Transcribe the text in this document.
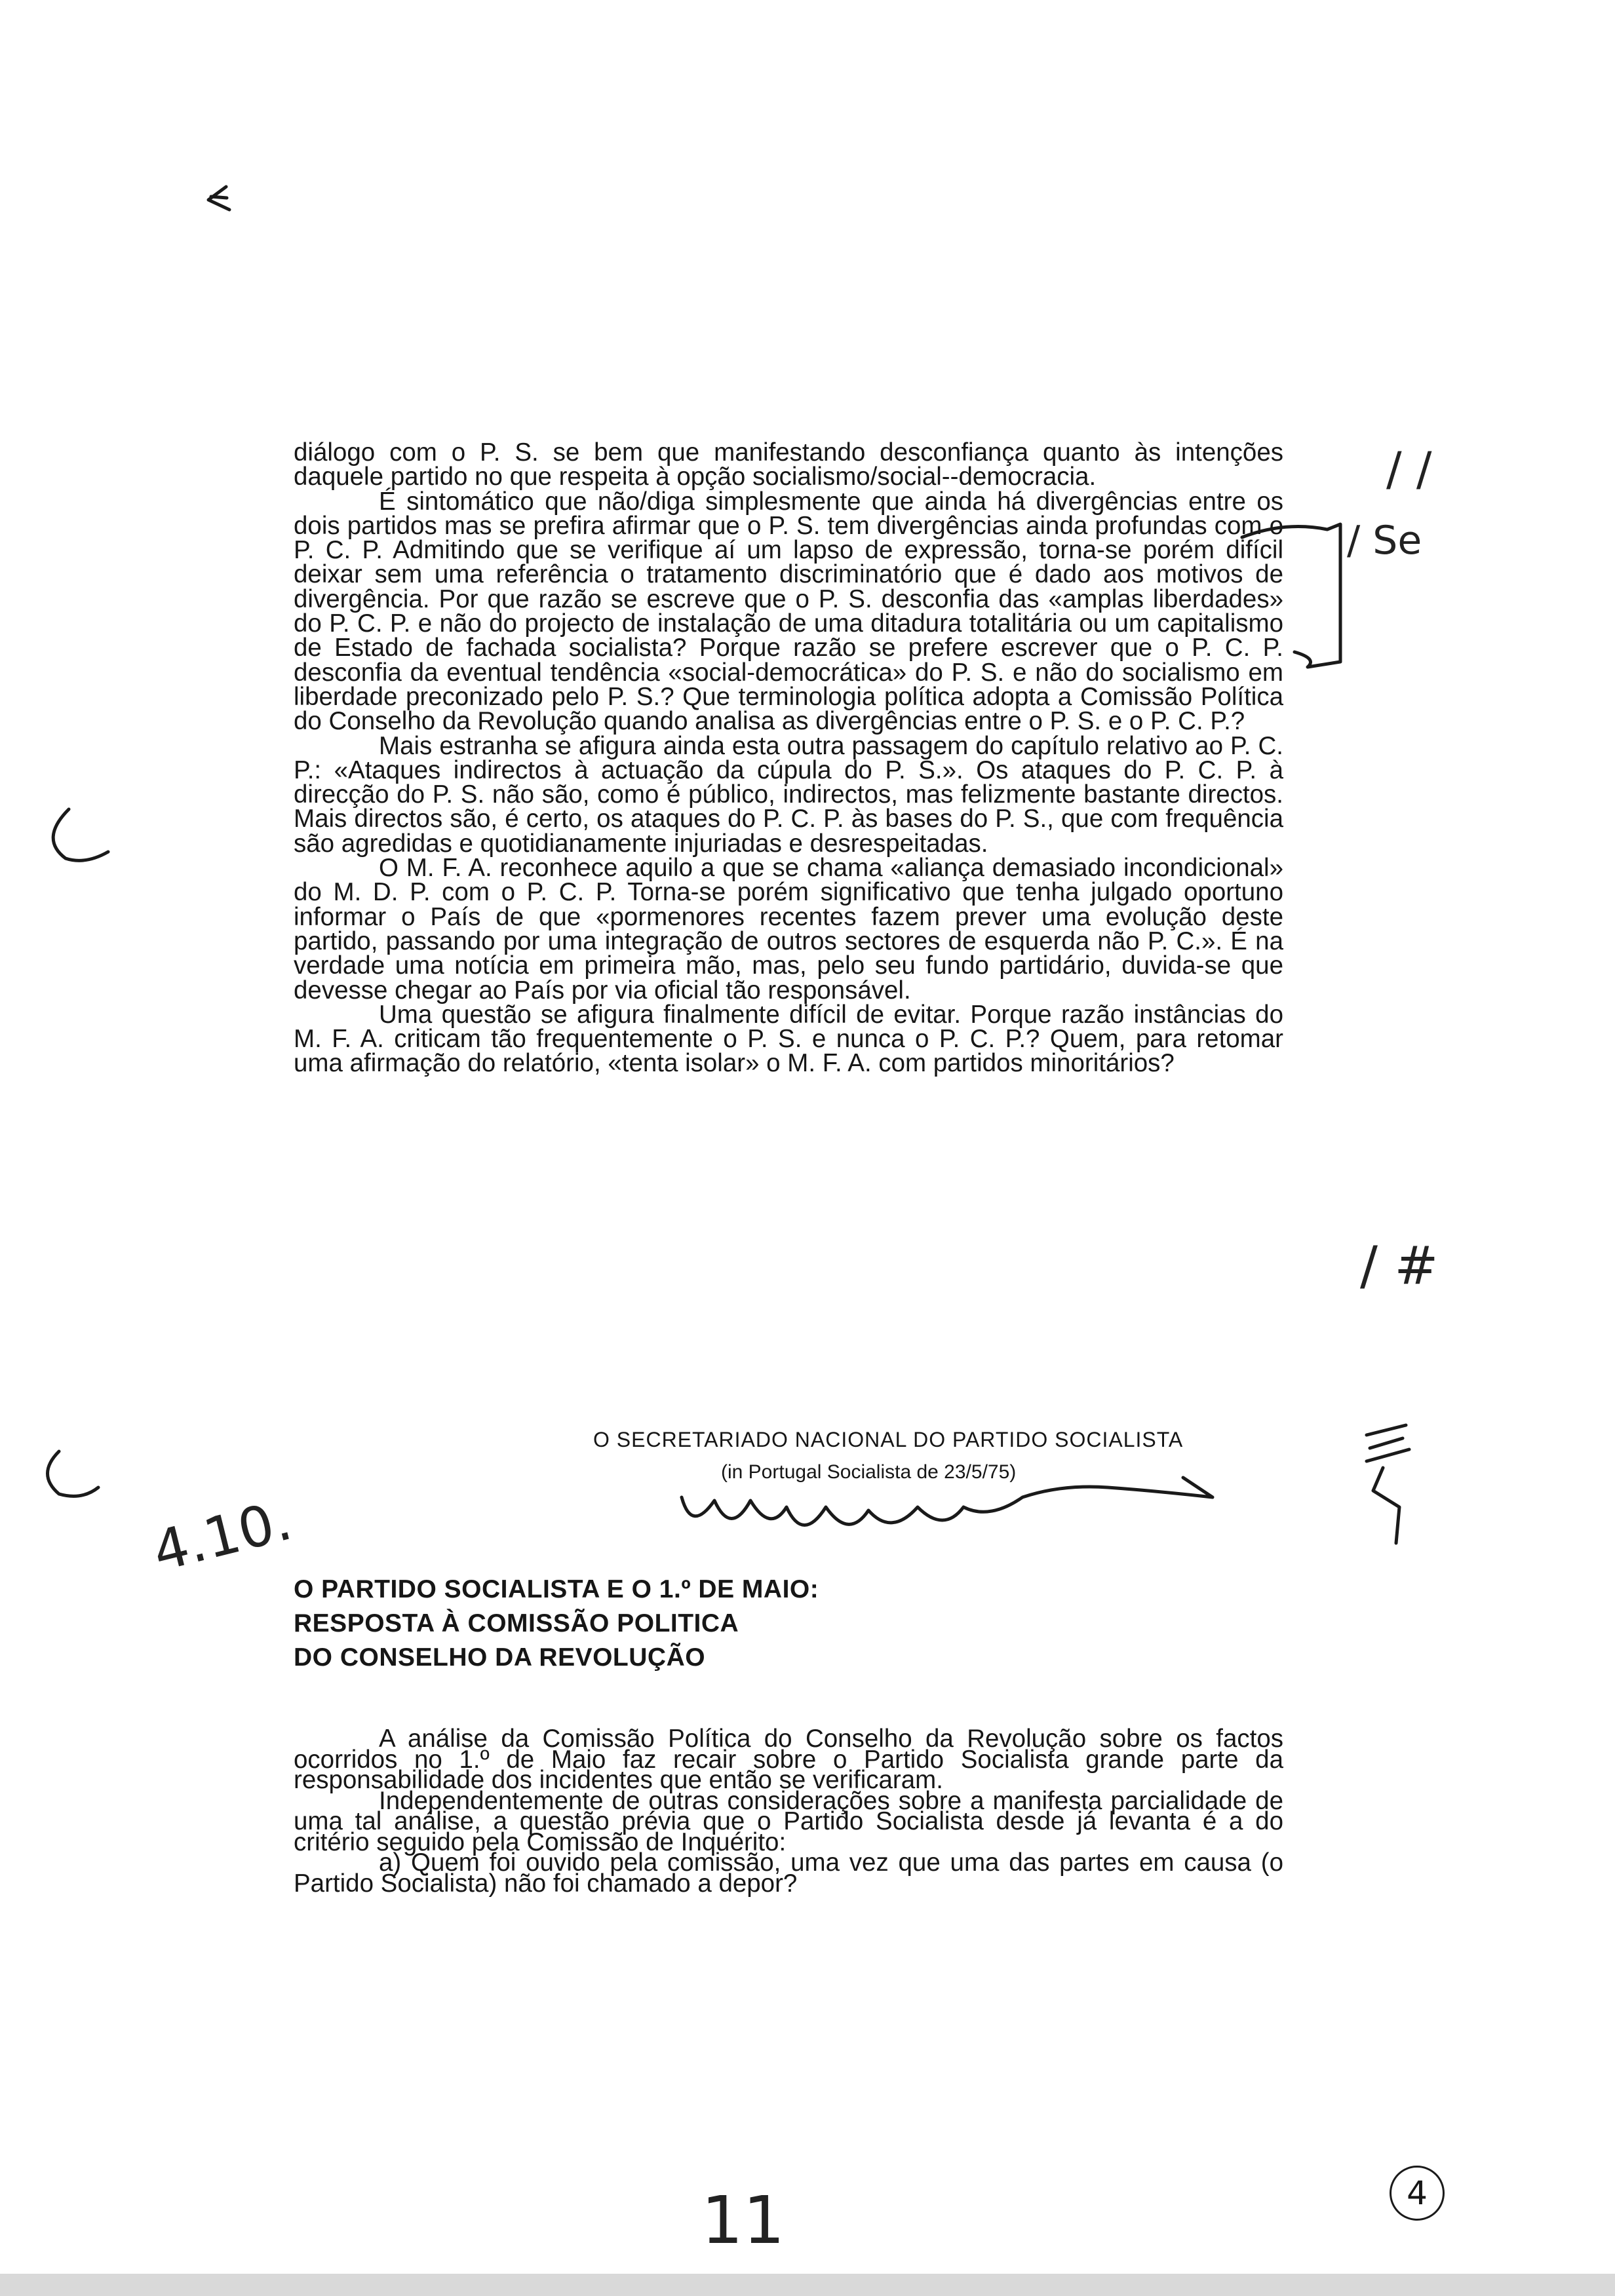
diálogo com o P. S. se bem que manifestando desconfiança quanto às intenções daquele partido no que respeita à opção socialismo/social--democracia.

É sintomático que não/diga simplesmente que ainda há divergências entre os dois partidos mas se prefira afirmar que o P. S. tem divergências ainda profundas com o P. C. P. Admitindo que se verifique aí um lapso de expressão, torna-se porém difícil deixar sem uma referência o tratamento discriminatório que é dado aos motivos de divergência. Por que razão se escreve que o P. S. desconfia das «amplas liberdades» do P. C. P. e não do projecto de instalação de uma ditadura totalitária ou um capitalismo de Estado de fachada socialista? Porque razão se prefere escrever que o P. C. P. desconfia da eventual tendência «social-democrática» do P. S. e não do socialismo em liberdade preconizado pelo P. S.? Que terminologia política adopta a Comissão Política do Conselho da Revolução quando analisa as divergências entre o P. S. e o P. C. P.?

Mais estranha se afigura ainda esta outra passagem do capítulo relativo ao P. C. P.: «Ataques indirectos à actuação da cúpula do P. S.». Os ataques do P. C. P. à direcção do P. S. não são, como é público, indirectos, mas felizmente bastante directos. Mais directos são, é certo, os ataques do P. C. P. às bases do P. S., que com frequência são agredidas e quotidianamente injuriadas e desrespeitadas.

O M. F. A. reconhece aquilo a que se chama «aliança demasiado incondicional» do M. D. P. com o P. C. P. Torna-se porém significativo que tenha julgado oportuno informar o País de que «pormenores recentes fazem prever uma evolução deste partido, passando por uma integração de outros sectores de esquerda não P. C.». É na verdade uma notícia em primeira mão, mas, pelo seu fundo partidário, duvida-se que devesse chegar ao País por via oficial tão responsável.

Uma questão se afigura finalmente difícil de evitar. Porque razão instâncias do M. F. A. criticam tão frequentemente o P. S. e nunca o P. C. P.? Quem, para retomar uma afirmação do relatório, «tenta isolar» o M. F. A. com partidos minoritários?

O SECRETARIADO NACIONAL DO PARTIDO SOCIALISTA
(in Portugal Socialista de 23/5/75)
O PARTIDO SOCIALISTA E O 1.º DE MAIO:
RESPOSTA À COMISSÃO POLITICA
DO CONSELHO DA REVOLUÇÃO

A análise da Comissão Política do Conselho da Revolução sobre os factos ocorridos no 1.º de Maio faz recair sobre o Partido Socialista grande parte da responsabilidade dos incidentes que então se verificaram.

Independentemente de outras considerações sobre a manifesta parcialidade de uma tal análise, a questão prévia que o Partido Socialista desde já levanta é a do critério seguido pela Comissão de Inquérito:

a) Quem foi ouvido pela comissão, uma vez que uma das partes em causa (o Partido Socialista) não foi chamado a depor?

/ /
/ Se
/ #
4.10.
11	4
